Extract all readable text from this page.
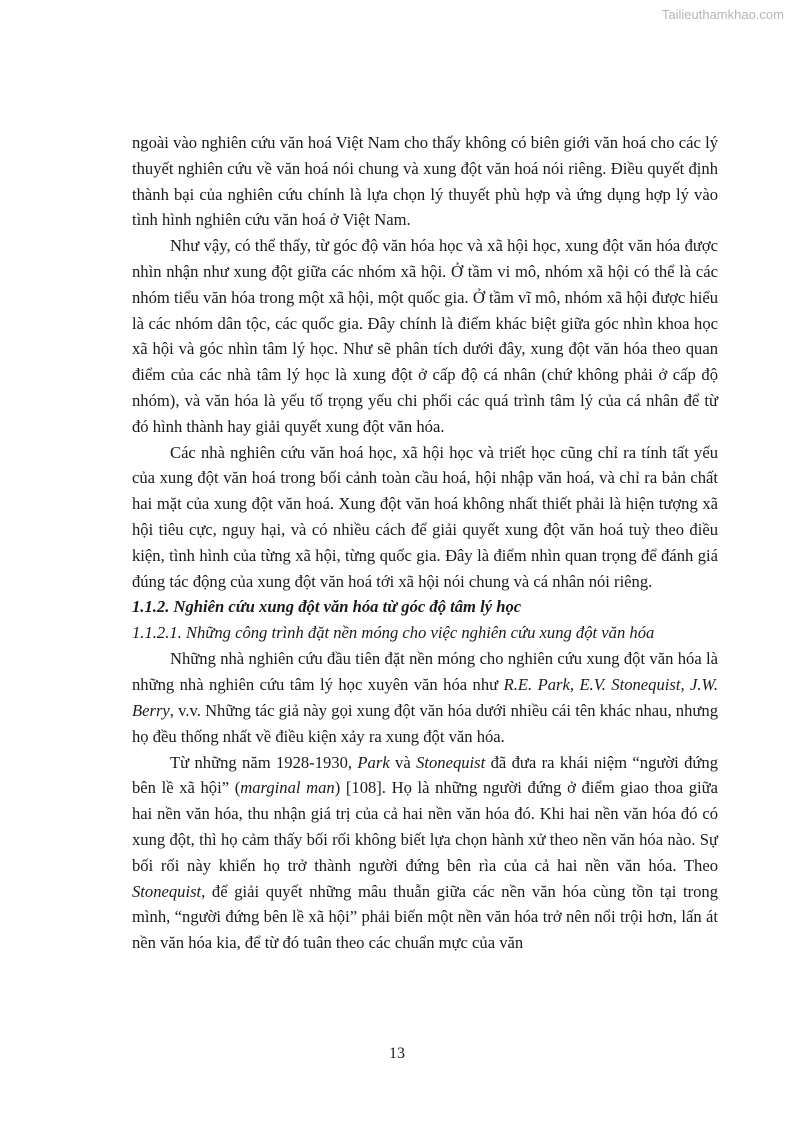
Tailieuthamkhao.com

ngoài vào nghiên cứu văn hoá Việt Nam cho thấy không có biên giới văn hoá cho các lý thuyết nghiên cứu về văn hoá nói chung và xung đột văn hoá nói riêng. Điều quyết định thành bại của nghiên cứu chính là lựa chọn lý thuyết phù hợp và ứng dụng hợp lý vào tình hình nghiên cứu văn hoá ở Việt Nam.

Như vậy, có thể thấy, từ góc độ văn hóa học và xã hội học, xung đột văn hóa được nhìn nhận như xung đột giữa các nhóm xã hội. Ở tầm vi mô, nhóm xã hội có thể là các nhóm tiểu văn hóa trong một xã hội, một quốc gia. Ở tầm vĩ mô, nhóm xã hội được hiểu là các nhóm dân tộc, các quốc gia. Đây chính là điểm khác biệt giữa góc nhìn khoa học xã hội và góc nhìn tâm lý học. Như sẽ phân tích dưới đây, xung đột văn hóa theo quan điểm của các nhà tâm lý học là xung đột ở cấp độ cá nhân (chứ không phải ở cấp độ nhóm), và văn hóa là yếu tố trọng yếu chi phối các quá trình tâm lý của cá nhân để từ đó hình thành hay giải quyết xung đột văn hóa.

Các nhà nghiên cứu văn hoá học, xã hội học và triết học cũng chỉ ra tính tất yếu của xung đột văn hoá trong bối cảnh toàn cầu hoá, hội nhập văn hoá, và chỉ ra bản chất hai mặt của xung đột văn hoá. Xung đột văn hoá không nhất thiết phải là hiện tượng xã hội tiêu cực, nguy hại, và có nhiều cách để giải quyết xung đột văn hoá tuỳ theo điều kiện, tình hình của từng xã hội, từng quốc gia. Đây là điểm nhìn quan trọng để đánh giá đúng tác động của xung đột văn hoá tới xã hội nói chung và cá nhân nói riêng.

1.1.2. Nghiên cứu xung đột văn hóa từ góc độ tâm lý học
1.1.2.1. Những công trình đặt nền móng cho việc nghiên cứu xung đột văn hóa

Những nhà nghiên cứu đầu tiên đặt nền móng cho nghiên cứu xung đột văn hóa là những nhà nghiên cứu tâm lý học xuyên văn hóa như R.E. Park, E.V. Stonequist, J.W. Berry, v.v. Những tác giả này gọi xung đột văn hóa dưới nhiều cái tên khác nhau, nhưng họ đều thống nhất về điều kiện xảy ra xung đột văn hóa.

Từ những năm 1928-1930, Park và Stonequist đã đưa ra khái niệm “người đứng bên lề xã hội” (marginal man) [108]. Họ là những người đứng ở điểm giao thoa giữa hai nền văn hóa, thu nhận giá trị của cả hai nền văn hóa đó. Khi hai nền văn hóa đó có xung đột, thì họ cảm thấy bối rối không biết lựa chọn hành xử theo nền văn hóa nào. Sự bối rối này khiến họ trở thành người đứng bên rìa của cả hai nền văn hóa. Theo Stonequist, để giải quyết những mâu thuẫn giữa các nền văn hóa cùng tồn tại trong mình, “người đứng bên lề xã hội” phải biến một nền văn hóa trở nên nổi trội hơn, lấn át nền văn hóa kia, để từ đó tuân theo các chuẩn mực của văn

13
